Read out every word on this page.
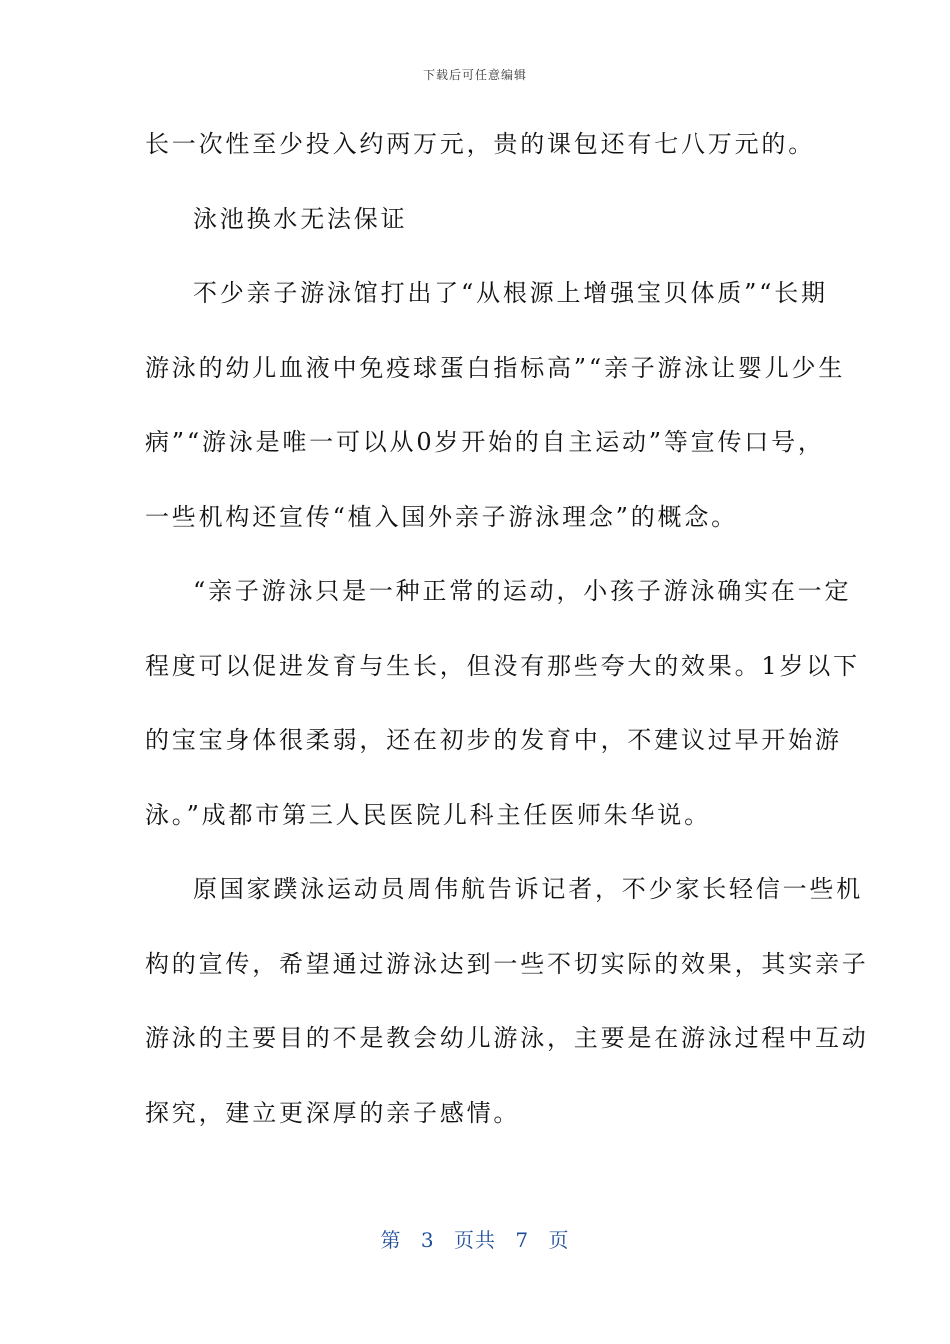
下载后可任意编辑
长一次性至少投入约两万元，贵的课包还有七八万元的。
泳池换水无法保证
不少亲子游泳馆打出了“从根源上增强宝贝体质”“长期
游泳的幼儿血液中免疫球蛋白指标高”“亲子游泳让婴儿少生
病”“游泳是唯一可以从0岁开始的自主运动”等宣传口号，
一些机构还宣传“植入国外亲子游泳理念”的概念。
“亲子游泳只是一种正常的运动，小孩子游泳确实在一定
程度可以促进发育与生长，但没有那些夸大的效果。1岁以下
的宝宝身体很柔弱，还在初步的发育中，不建议过早开始游
泳。”成都市第三人民医院儿科主任医师朱华说。
原国家蹼泳运动员周伟航告诉记者，不少家长轻信一些机
构的宣传，希望通过游泳达到一些不切实际的效果，其实亲子
游泳的主要目的不是教会幼儿游泳，主要是在游泳过程中互动
探究，建立更深厚的亲子感情。
第 3 页共 7 页
